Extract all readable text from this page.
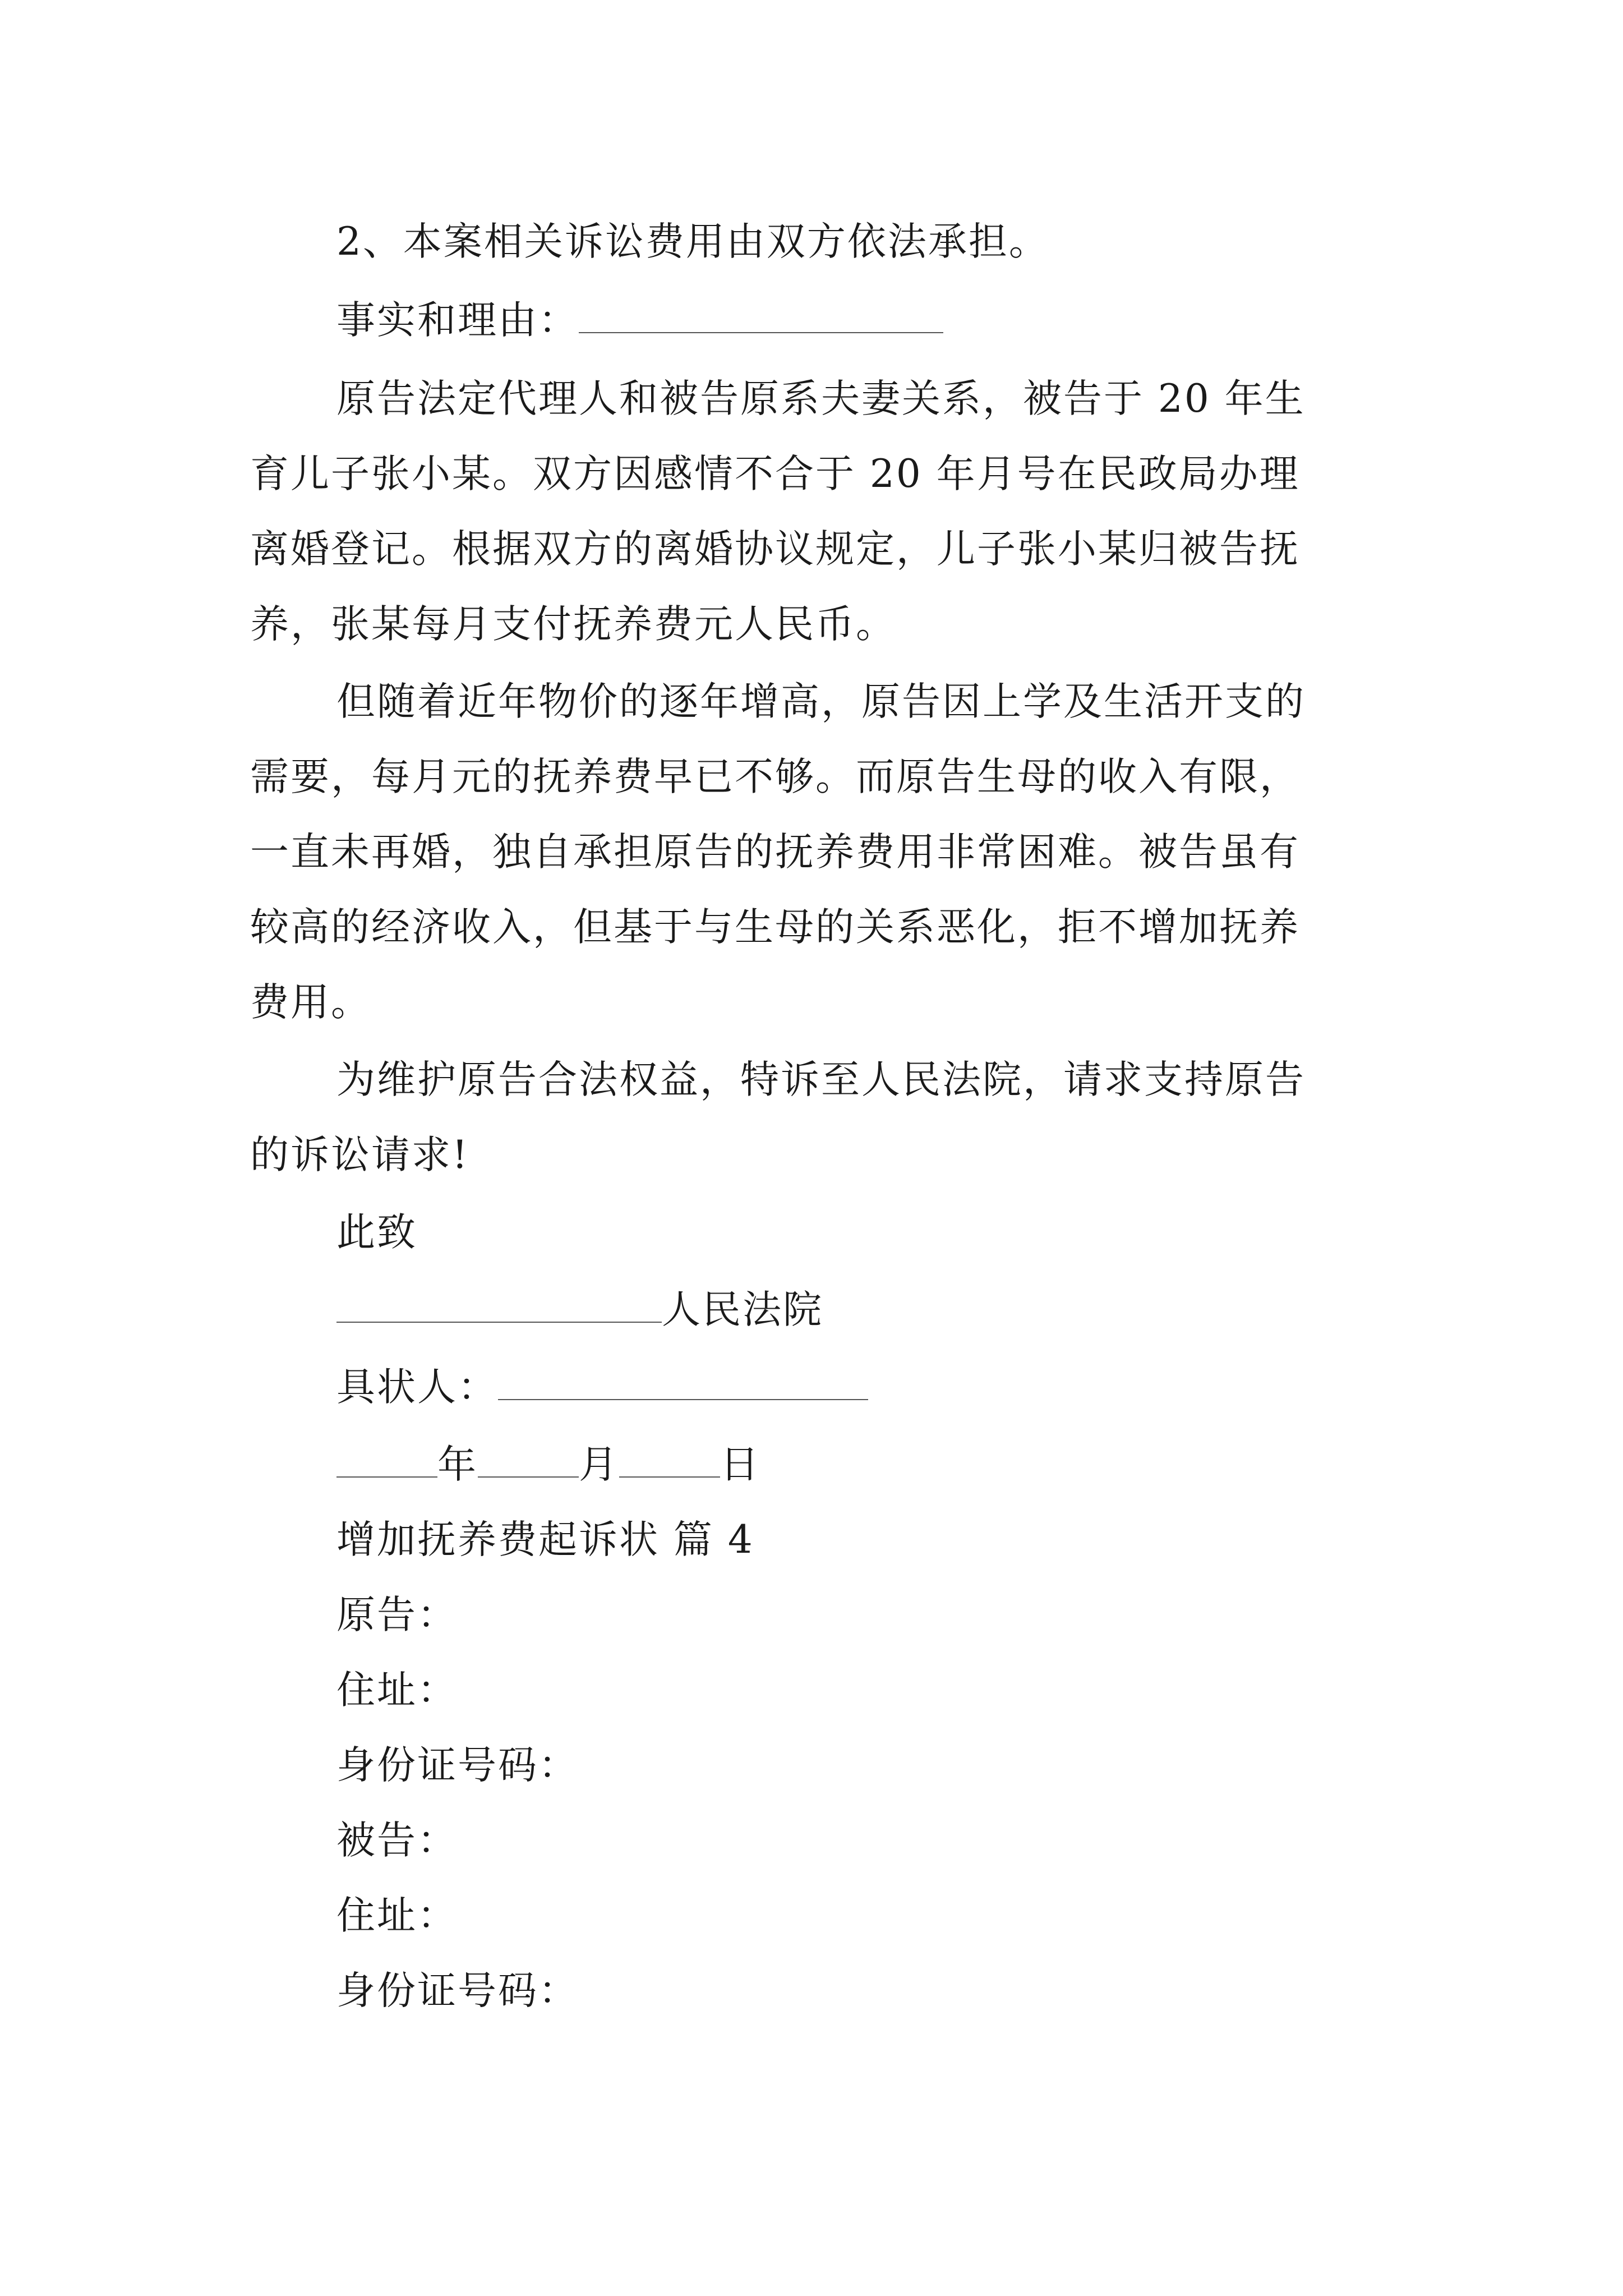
2、本案相关诉讼费用由双方依法承担。
事实和理由：
原告法定代理人和被告原系夫妻关系，被告于 20 年生
育儿子张小某。双方因感情不合于 20 年月号在民政局办理
离婚登记。根据双方的离婚协议规定，儿子张小某归被告抚
养，张某每月支付抚养费元人民币。
但随着近年物价的逐年增高，原告因上学及生活开支的
需要，每月元的抚养费早已不够。而原告生母的收入有限，
一直未再婚，独自承担原告的抚养费用非常困难。被告虽有
较高的经济收入，但基于与生母的关系恶化，拒不增加抚养
费用。
为维护原告合法权益，特诉至人民法院，请求支持原告
的诉讼请求!
此致
人民法院
具状人：
年	月	日
增加抚养费起诉状 篇 4
原告：
住址：
身份证号码：
被告：
住址：
身份证号码：
